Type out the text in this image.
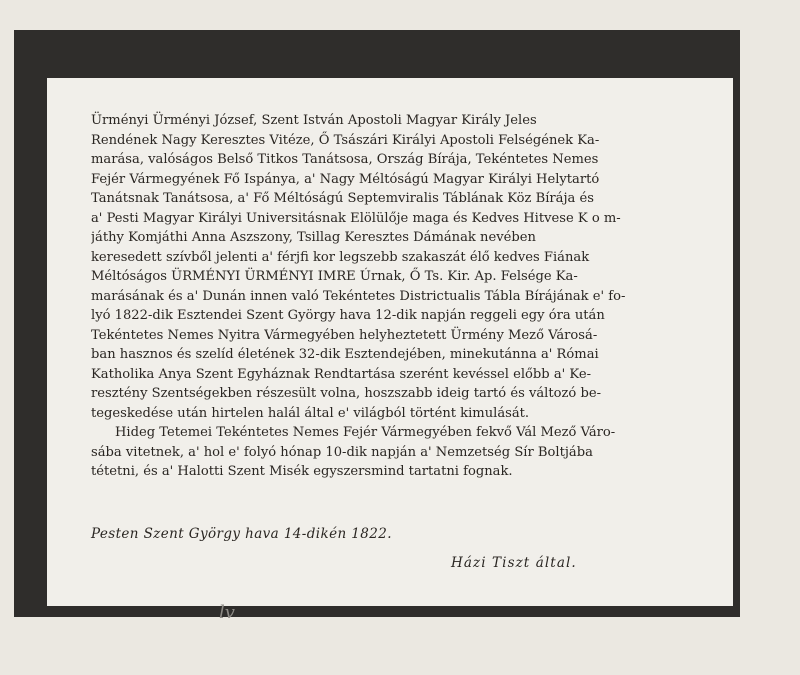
Ürményi Ürményi József, Szent István Apostoli Magyar Király Jeles
Rendének Nagy Keresztes Vitéze, Ő Tsászári Királyi Apostoli Felségének Ka-
marása, valóságos Belső Titkos Tanátsosa, Ország Bírája, Tekéntetes Nemes
Fejér Vármegyének Fő Ispánya, a' Nagy Méltóságú Magyar Királyi Helytartó
Tanátsnak Tanátsosa, a' Fő Méltóságú Septemviralis Táblának Köz Bírája és
a' Pesti Magyar Királyi Universitásnak Elölülője maga és Kedves Hitvese K o m-
játhy Komjáthi Anna Aszszony, Tsillag Keresztes Dámának nevében
keresedett szívből jelenti a' férjfi kor legszebb szakaszát élő kedves Fiának
Méltóságos ÜRMÉNYI ÜRMÉNYI IMRE Úrnak, Ő Ts. Kir. Ap. Felsége Ka-
marásának és a' Dunán innen való Tekéntetes Districtualis Tábla Bírájának e' fo-
lyó 1822-dik Esztendei Szent György hava 12-dik napján reggeli egy óra után
Tekéntetes Nemes Nyitra Vármegyében helyheztetett Ürmény Mező Városá-
ban hasznos és szelíd életének 32-dik Esztendejében, minekutánna a' Római
Katholika Anya Szent Egyháznak Rendtartása szerént kevéssel előbb a' Ke-
resztény Szentségekben részesült volna, hoszszabb ideig tartó és változó be-
tegeskedése után hirtelen halál által e' világból történt kimulását.
Hideg Tetemei Tekéntetes Nemes Fejér Vármegyében fekvő Vál Mező Váro-
sába vitetnek, a' hol e' folyó hónap 10-dik napján a' Nemzetség Sír Boltjába
tétetni, és a' Halotti Szent Misék egyszersmind tartatni fognak.
Pesten Szent György hava 14-dikén 1822.
Házi Tiszt által.
lv
